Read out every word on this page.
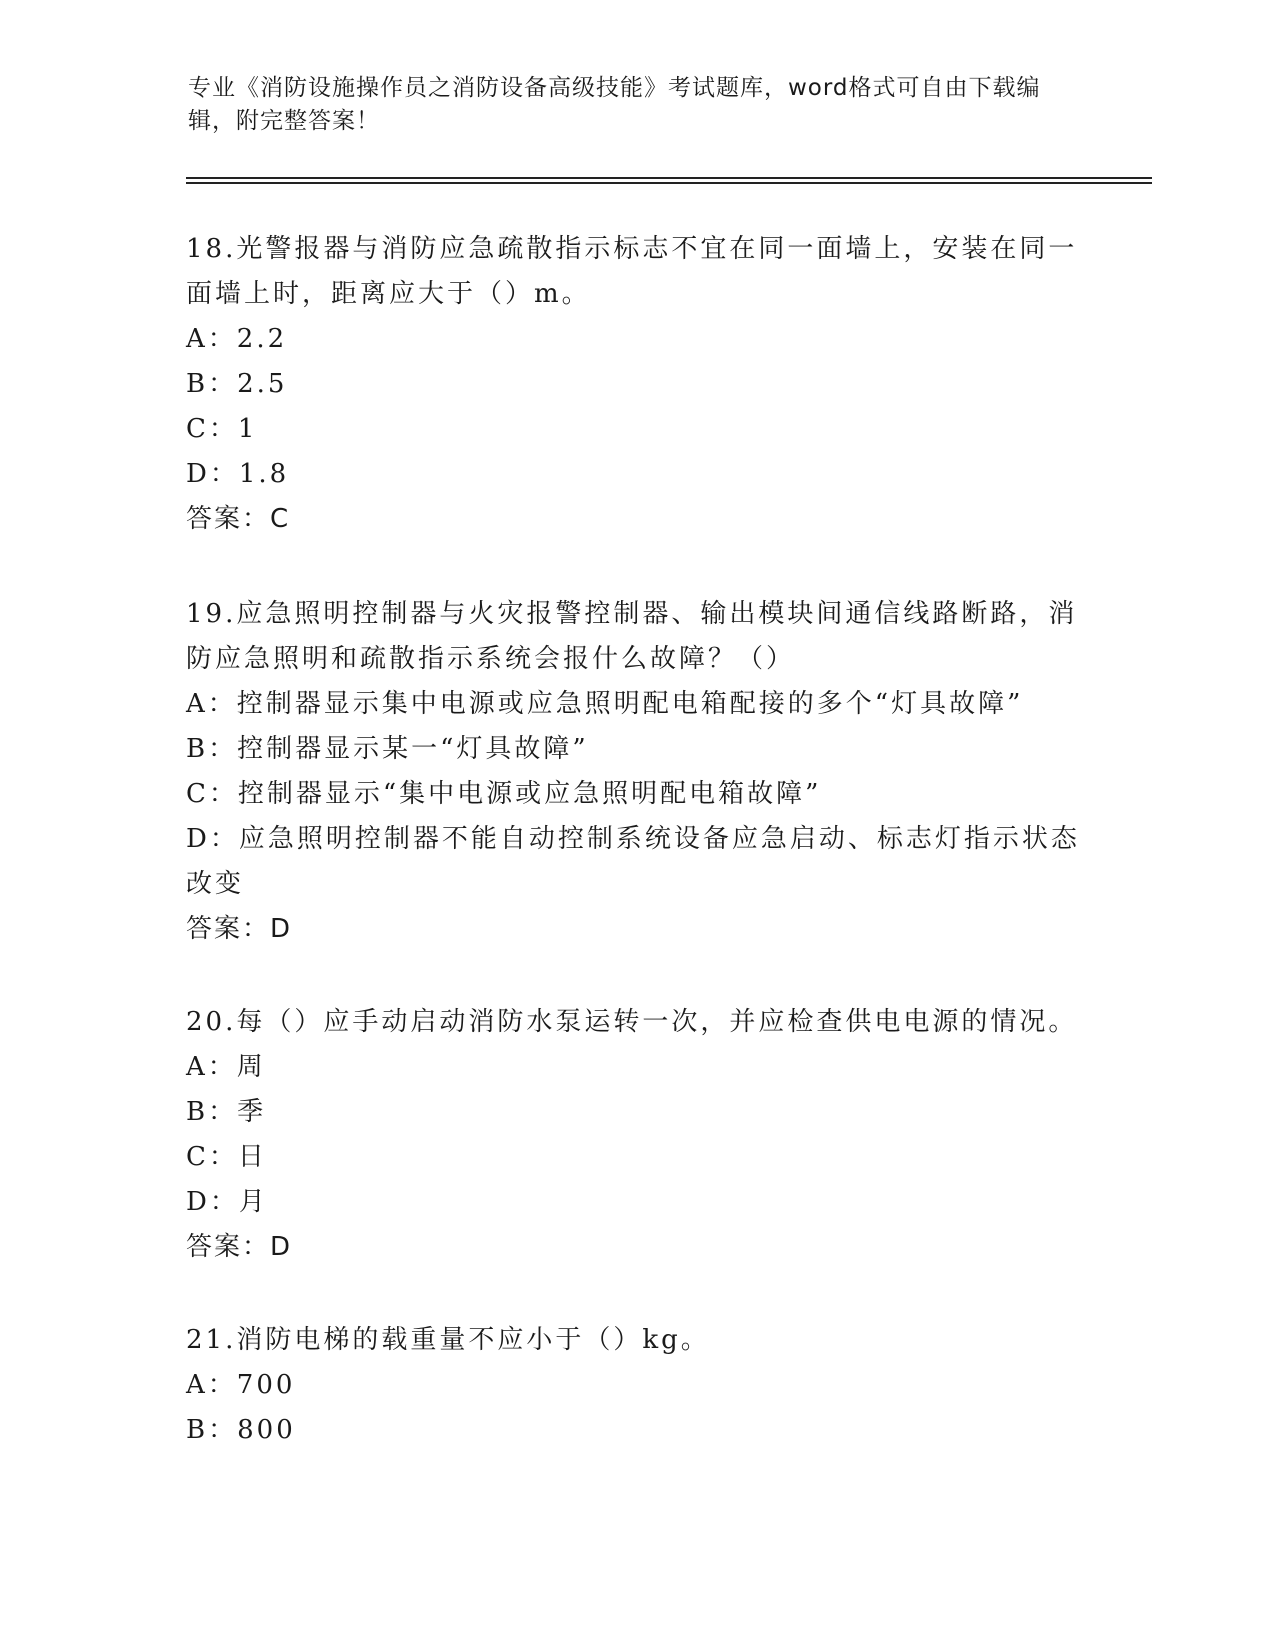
专业《消防设施操作员之消防设备高级技能》考试题库，word格式可自由下载编
辑，附完整答案！
18.光警报器与消防应急疏散指示标志不宜在同一面墙上，安装在同一
面墙上时，距离应大于（）m。
A：2.2
B：2.5
C：1
D：1.8
答案：C
19.应急照明控制器与火灾报警控制器、输出模块间通信线路断路，消
防应急照明和疏散指示系统会报什么故障？（）
A：控制器显示集中电源或应急照明配电箱配接的多个“灯具故障”
B：控制器显示某一“灯具故障”
C：控制器显示“集中电源或应急照明配电箱故障”
D：应急照明控制器不能自动控制系统设备应急启动、标志灯指示状态
改变
答案：D
20.每（）应手动启动消防水泵运转一次，并应检查供电电源的情况。
A：周
B：季
C：日
D：月
答案：D
21.消防电梯的载重量不应小于（）kg。
A：700
B：800
